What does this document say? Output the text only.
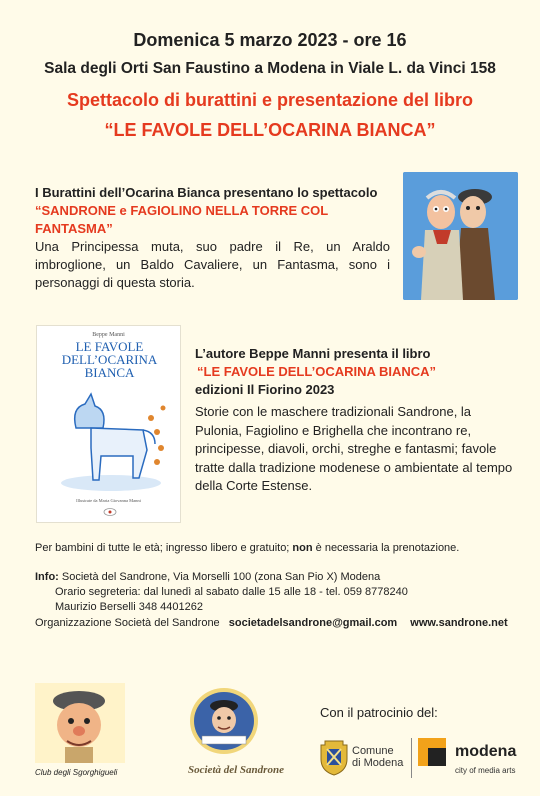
Domenica 5 marzo 2023 - ore 16
Sala degli Orti San Faustino a Modena in Viale L. da Vinci 158
Spettacolo di burattini e presentazione del libro
“LE FAVOLE DELL’OCARINA BIANCA”
I Burattini dell’Ocarina Bianca presentano lo spettacolo “SANDRONE e FAGIOLINO NELLA TORRE COL FANTASMA”
Una Principessa muta, suo padre il Re, un Araldo imbroglione, un Baldo Cavaliere, un Fantasma, sono i personaggi di questa storia.
Beppe Manni
LE FAVOLE DELL’OCARINA BIANCA
Illustrate da Maria Giovanna Manni
L’autore Beppe Manni presenta il libro
“LE FAVOLE DELL’OCARINA BIANCA”
edizioni Il Fiorino 2023
Storie con le maschere tradizionali Sandrone, la Pulonia, Fagiolino e Brighella che incontrano re, principesse, diavoli, orchi, streghe e fantasmi; favole tratte dalla tradizione modenese o ambientate al tempo della Corte Estense.
Per bambini di tutte le età; ingresso libero e gratuito; non è necessaria la prenotazione.
Info: Società del Sandrone, Via Morselli 100 (zona San Pio X) Modena
Orario segreteria: dal lunedì al sabato dalle 15 alle 18 - tel. 059 8778240
Maurizio Berselli 348 4401262
Organizzazione Società del Sandrone societadelsandrone@gmail.com www.sandrone.net
Club degli Sgorghigueli	Società del Sandrone
Con il patrocinio del:
Comune
di Modena
modena
city of media arts
